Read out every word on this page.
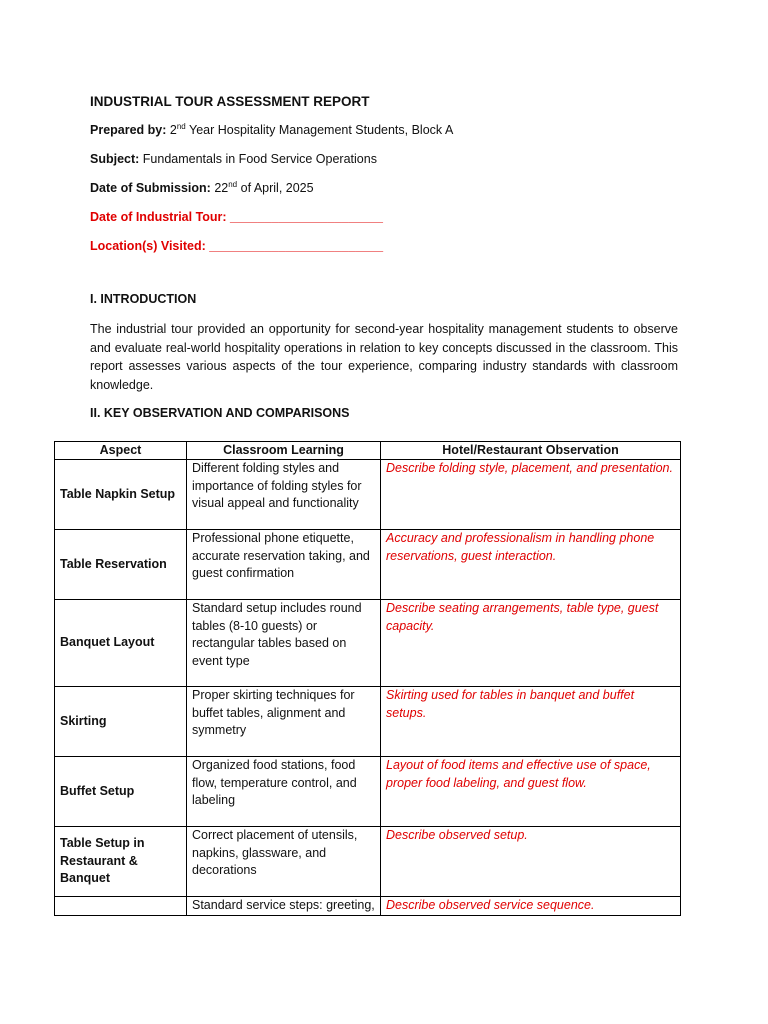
INDUSTRIAL TOUR ASSESSMENT REPORT
Prepared by: 2nd Year Hospitality Management Students, Block A
Subject: Fundamentals in Food Service Operations
Date of Submission: 22nd of April, 2025
Date of Industrial Tour: ______________________
Location(s) Visited: _________________________
I. INTRODUCTION

The industrial tour provided an opportunity for second-year hospitality management students to observe and evaluate real-world hospitality operations in relation to key concepts discussed in the classroom. This report assesses various aspects of the tour experience, comparing industry standards with classroom knowledge.

II. KEY OBSERVATION AND COMPARISONS
Aspect	Classroom Learning	Hotel/Restaurant Observation
Table Napkin Setup	Different folding styles and importance of folding styles for visual appeal and functionality	Describe folding style, placement, and presentation.
Table Reservation	Professional phone etiquette, accurate reservation taking, and guest confirmation	Accuracy and professionalism in handling phone reservations, guest interaction.
Banquet Layout	Standard setup includes round tables (8-10 guests) or rectangular tables based on event type	Describe seating arrangements, table type, guest capacity.
Skirting	Proper skirting techniques for buffet tables, alignment and symmetry	Skirting used for tables in banquet and buffet setups.
Buffet Setup	Organized food stations, food flow, temperature control, and labeling	Layout of food items and effective use of space, proper food labeling, and guest flow.
Table Setup in Restaurant & Banquet	Correct placement of utensils, napkins, glassware, and decorations	Describe observed setup.
	Standard service steps: greeting,	Describe observed service sequence.
